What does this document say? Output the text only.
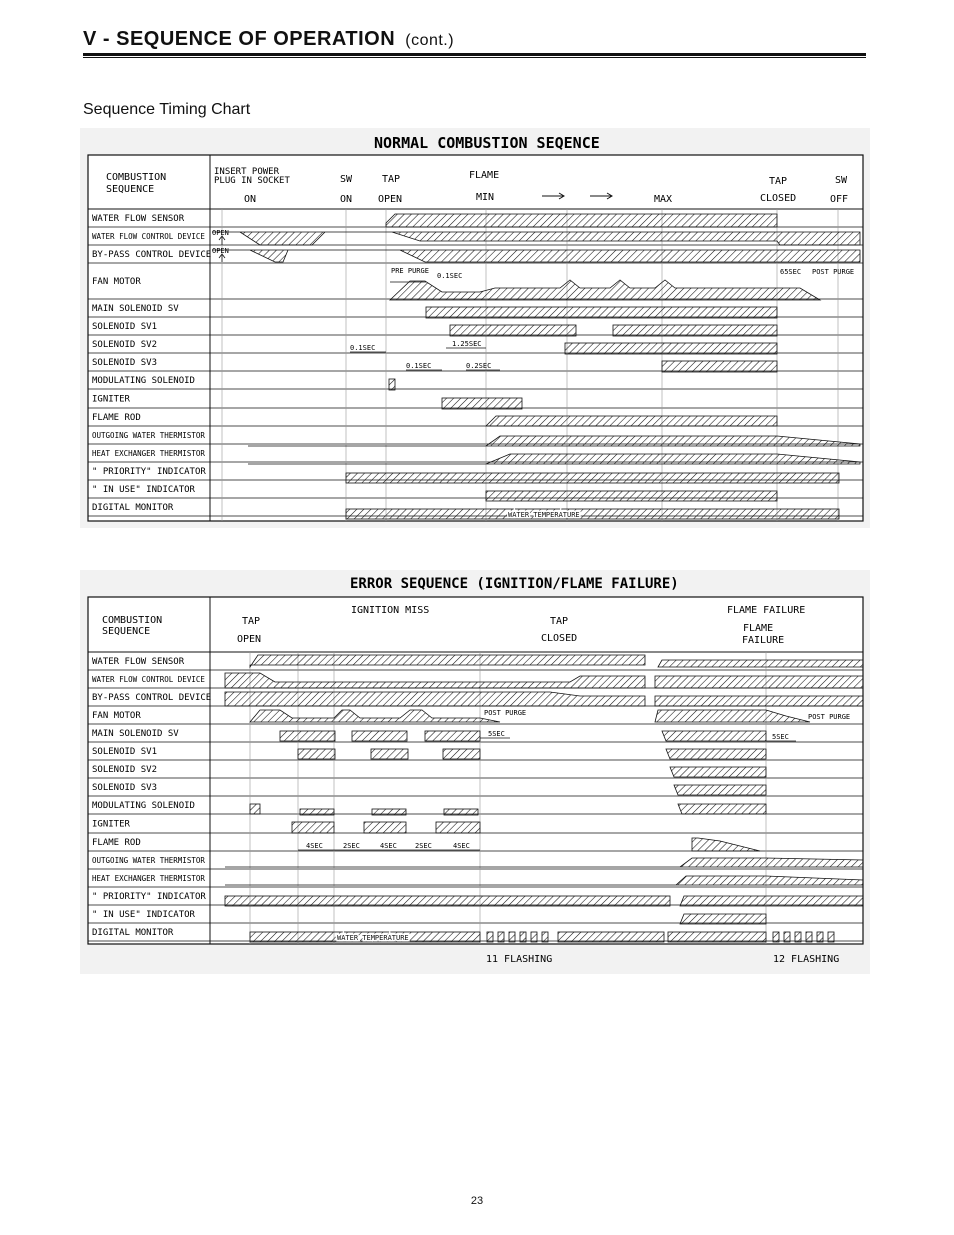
V - SEQUENCE OF OPERATION (cont.)
Sequence Timing Chart
NORMAL COMBUSTION SEQENCE
COMBUSTION
SEQUENCE
INSERT POWER
PLUG IN SOCKET
ON
SW
ON
TAP
OPEN
FLAME
MIN	MAX
TAP
CLOSED
SW
OFF
WATER FLOW SENSOR
WATER FLOW CONTROL DEVICE
BY-PASS CONTROL DEVICE
FAN MOTOR
MAIN SOLENOID SV
SOLENOID SV1
SOLENOID SV2
SOLENOID SV3
MODULATING SOLENOID
IGNITER
FLAME ROD
OUTGOING WATER THERMISTOR
HEAT EXCHANGER THERMISTOR
" PRIORITY" INDICATOR
" IN USE" INDICATOR
DIGITAL MONITOR
OPEN
OPEN
PRE PURGE
0.1SEC	65SEC POST PURGE
0.1SEC	1.25SEC
0.1SEC	0.2SEC
WATER TEMPERATURE
ERROR SEQUENCE (IGNITION/FLAME FAILURE)
COMBUSTION
SEQUENCE
TAP
OPEN
IGNITION MISS
TAP
CLOSED
FLAME FAILURE
FLAME
FAILURE
WATER FLOW SENSOR
WATER FLOW CONTROL DEVICE
BY-PASS CONTROL DEVICE
FAN MOTOR
MAIN SOLENOID SV
SOLENOID SV1
SOLENOID SV2
SOLENOID SV3
MODULATING SOLENOID
IGNITER
FLAME ROD
OUTGOING WATER THERMISTOR
HEAT EXCHANGER THERMISTOR
" PRIORITY" INDICATOR
" IN USE" INDICATOR
DIGITAL MONITOR
POST PURGE	POST PURGE
5SEC	5SEC
4SEC	2SEC	4SEC	2SEC	4SEC
WATER TEMPERATURE
11 FLASHING	12 FLASHING
23
